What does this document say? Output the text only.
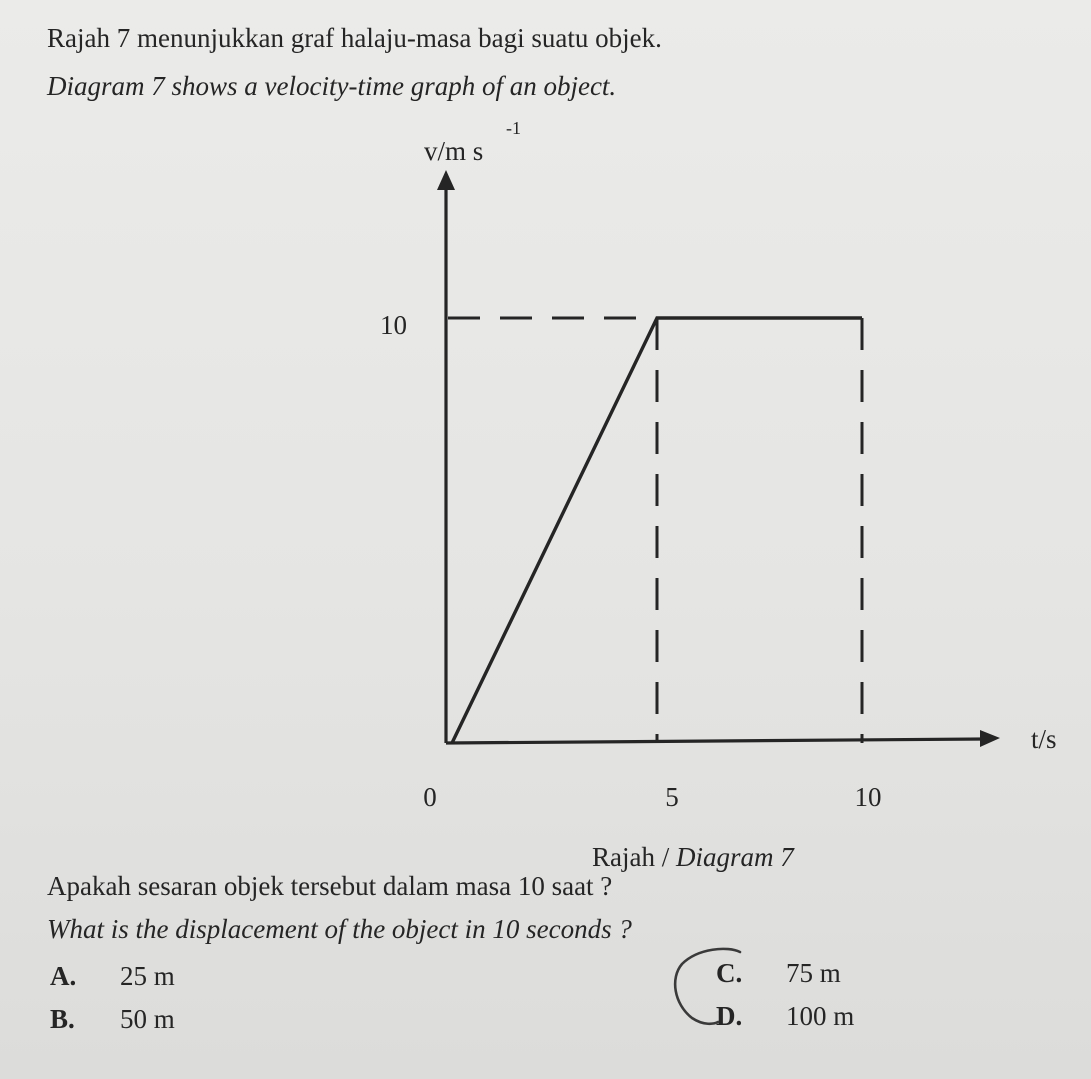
Rajah 7 menunjukkan graf halaju-masa bagi suatu objek.
Diagram 7 shows a velocity-time graph of an object.
v/m s
-1
t/s
0	5	10
10
Rajah / Diagram 7
Apakah sesaran objek tersebut dalam masa 10 saat ?
What is the displacement of the object in 10 seconds ?
A. 25 m
B. 50 m
C. 75 m
D. 100 m
